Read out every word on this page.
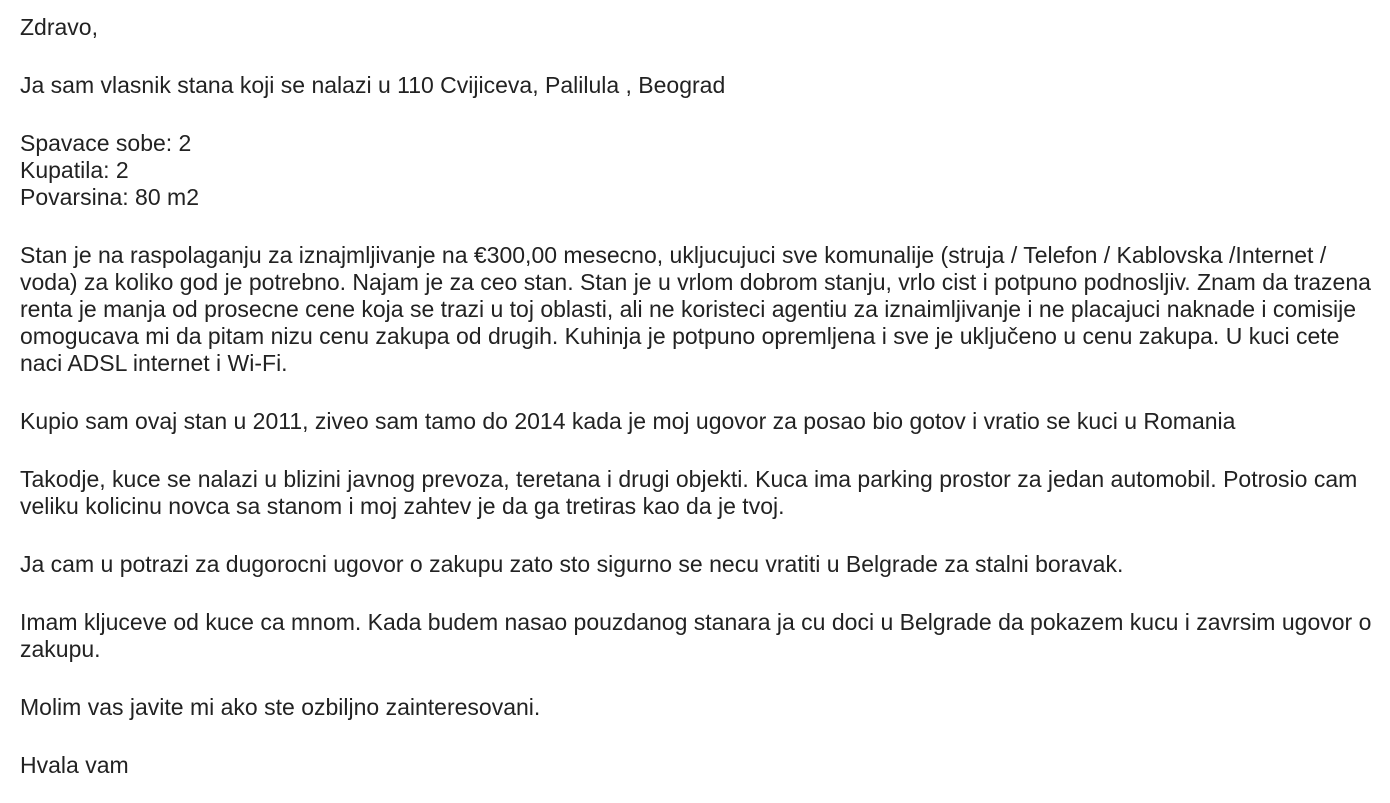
Zdravo,

Ja sam vlasnik stana koji se nalazi u 110 Cvijiceva, Palilula , Beograd

Spavace sobe: 2
Kupatila: 2
Povarsina: 80 m2

Stan je na raspolaganju za iznajmljivanje na €300,00 mesecno, ukljucujuci sve komunalije (struja / Telefon / Kablovska /Internet / voda) za koliko god je potrebno. Najam je za ceo stan. Stan je u vrlom dobrom stanju, vrlo cist i potpuno podnosljiv. Znam da trazena renta je manja od prosecne cene koja se trazi u toj oblasti, ali ne koristeci agentiu za iznaimljivanje i ne placajuci naknade i comisije omogucava mi da pitam nizu cenu zakupa od drugih. Kuhinja je potpuno opremljena i sve je uključeno u cenu zakupa. U kuci cete naci ADSL internet i Wi-Fi.

Kupio sam ovaj stan u 2011, ziveo sam tamo do 2014 kada je moj ugovor za posao bio gotov i vratio se kuci u Romania

Takodje, kuce se nalazi u blizini javnog prevoza, teretana i drugi objekti. Kuca ima parking prostor za jedan automobil. Potrosio cam veliku kolicinu novca sa stanom i moj zahtev je da ga tretiras kao da je tvoj.

Ja cam u potrazi za dugorocni ugovor o zakupu zato sto sigurno se necu vratiti u Belgrade za stalni boravak.

Imam kljuceve od kuce ca mnom. Kada budem nasao pouzdanog stanara ja cu doci u Belgrade da pokazem kucu i zavrsim ugovor o zakupu.

Molim vas javite mi ako ste ozbiljno zainteresovani.

Hvala vam
